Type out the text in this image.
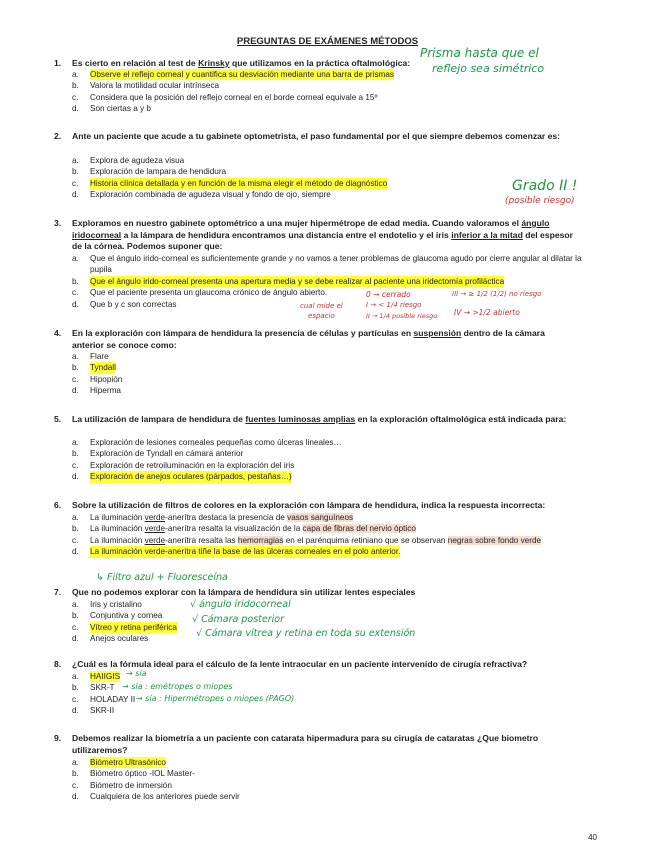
PREGUNTAS DE EXÁMENES MÉTODOS
1. Es cierto en relación al test de Krinsky que utilizamos en la práctica oftalmológica:
a. Observe el reflejo corneal y cuantifica su desviación mediante una barra de prismas
b. Valora la motilidad ocular intrínseca
c. Considera que la posición del reflejo corneal en el borde corneal equivale a 15º
d. Son ciertas a y b
Prisma hasta que el
reflejo sea simétrico
2. Ante un paciente que acude a tu gabinete optometrista, el paso fundamental por el que siempre debemos comenzar es:
a. Explora de agudeza visua
b. Exploración de lampara de hendidura
c. Historia clínica detallada y en función de la misma elegir el método de diagnóstico
d. Exploración combinada de agudeza visual y fondo de ojo, siempre
Grado II !
(posible riesgo)
3. Exploramos en nuestro gabinete optométrico a una mujer hipermétrope de edad media. Cuando valoramos el ángulo iridocorneal a la lámpara de hendidura encontramos una distancia entre el endotelio y el iris inferior a la mitad del espesor de la córnea. Podemos suponer que:
a. Que el ángulo irido-corneal es suficientemente grande y no vamos a tener problemas de glaucoma agudo por cierre angular al dilatar la pupila
b. Que el ángulo irido-corneal presenta una apertura media y se debe realizar al paciente una iridectomía profiláctica
c. Que el paciente presenta un glaucoma crónico de ángulo abierto.
d. Que b y c son correctas
0 → cerrado
I → < 1/4 riesgo
II → 1/4 posible riesgo
III → ≥ 1/2 (1/2) no riesgo
IV → >1/2 abierto
cual mide el
espacio
4. En la exploración con lámpara de hendidura la presencia de células y partículas en suspensión dentro de la cámara anterior se conoce como:
a. Flare
b. Tyndall
c. Hipopión
d. Hiperma
5. La utilización de lampara de hendidura de fuentes luminosas amplias en la exploración oftalmológica está indicada para:
a. Exploración de lesiones corneales pequeñas como úlceras lineales…
b. Exploración de Tyndall en cámara anterior
c. Exploración de retroiluminación en la exploración del iris
d. Exploración de anejos oculares (párpados, pestañas…)
6. Sobre la utilización de filtros de colores en la exploración con lámpara de hendidura, indica la respuesta incorrecta:
a. La iluminación verde-anerítra destaca la presencia de vasos sanguíneos
b. La iluminación verde-anerítra resalta la visualización de la capa de fibras del nervio óptico
c. La iluminación verde-anerítra resalta las hemorragias en el parénquima retiniano que se observan negras sobre fondo verde
d. La iluminación verde-anerítra tiñe la base de las úlceras corneales en el polo anterior.
↳ Filtro azul + Fluoresceína
7. Que no podemos explorar con la lámpara de hendidura sin utilizar lentes especiales
a. Iris y cristalino
b. Conjuntiva y cornea
c. Vítreo y retina periférica
d. Anejos oculares
√ ángulo iridocorneal
√ Cámara posterior
√ Cámara vítrea y retina en toda su extensión
8. ¿Cuál es la fórmula ideal para el cálculo de la lente intraocular en un paciente intervenido de cirugía refractiva?
a. HAIIGIS
b. SKR-T
c. HOLADAY II
d. SKR-II
→ sía
→ sía : emétropes o miopes
→ sía : Hipermétropes o miopes (PAGO)
9. Debemos realizar la biometría a un paciente con catarata hipermadura para su cirugía de cataratas ¿Que biometro utilizaremos?
a. Biómetro Ultrasónico
b. Biómetro óptico -IOL Master-
c. Biómetro de inmersión
d. Cualquiera de los anteriores puede servir
40
